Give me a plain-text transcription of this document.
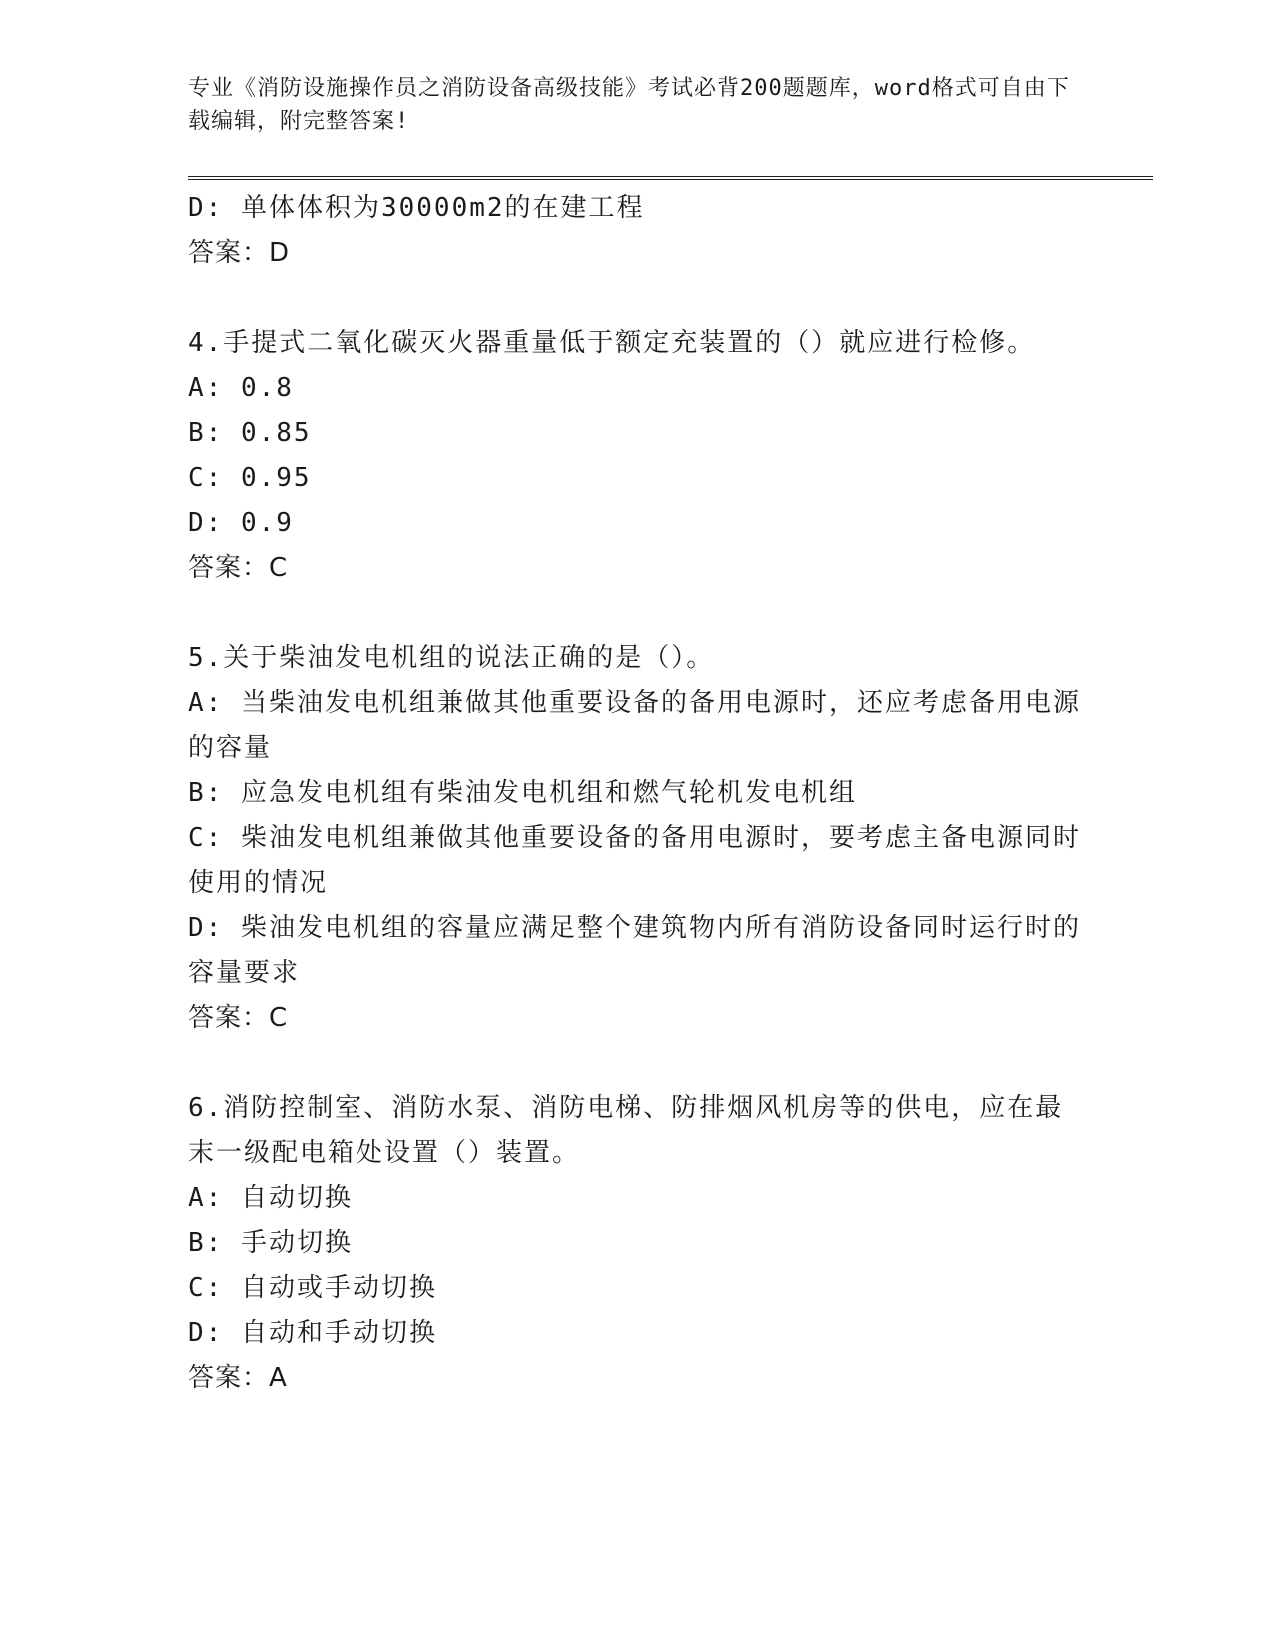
专业《消防设施操作员之消防设备高级技能》考试必背200题题库，word格式可自由下载编辑，附完整答案!
D: 单体体积为30000m2的在建工程
答案：D
4.手提式二氧化碳灭火器重量低于额定充装置的（）就应进行检修。
A: 0.8
B: 0.85
C: 0.95
D: 0.9
答案：C
5.关于柴油发电机组的说法正确的是（）。
A: 当柴油发电机组兼做其他重要设备的备用电源时，还应考虑备用电源的容量
B: 应急发电机组有柴油发电机组和燃气轮机发电机组
C: 柴油发电机组兼做其他重要设备的备用电源时，要考虑主备电源同时使用的情况
D: 柴油发电机组的容量应满足整个建筑物内所有消防设备同时运行时的容量要求
答案：C
6.消防控制室、消防水泵、消防电梯、防排烟风机房等的供电，应在最末一级配电箱处设置（）装置。
A: 自动切换
B: 手动切换
C: 自动或手动切换
D: 自动和手动切换
答案：A
